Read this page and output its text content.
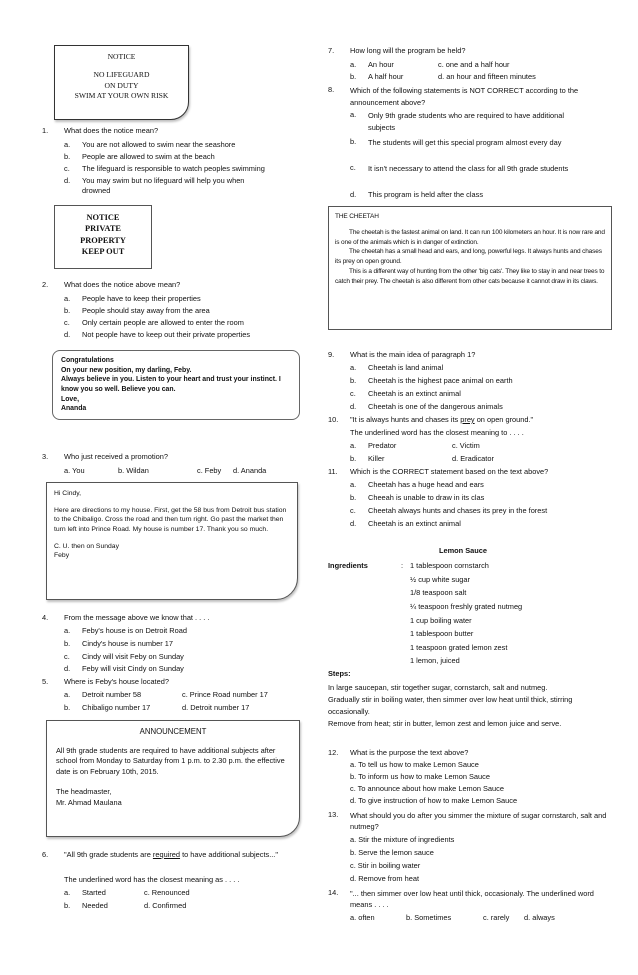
NOTICE
NO LIFEGUARD
ON DUTY
SWIM AT YOUR OWN RISK
1.	What does the notice mean?
a.	You are not allowed to swim near the seashore
b.	People are allowed to swim at the beach
c.	The lifeguard is responsible to watch peoples swimming
d.	You may swim but no lifeguard will help you when drowned
NOTICE
PRIVATE
PROPERTY
KEEP OUT
2.	What does the notice above mean?
a.	People have to keep their properties
b.	People should stay away from the area
c.	Only certain people are allowed to enter the room
d.	Not people have to keep out their private properties
Congratulations
On your new position, my darling, Feby.
Always believe in you. Listen to your heart and trust your instinct. I know you so well. Believe you can.
Love,
Ananda
3.	Who just received a promotion?
a. You	b. Wildan	c. Feby d. Ananda
Hi Cindy,
Here are directions to my house. First, get the 58 bus from Detroit bus station to the Chibaligo. Cross the road and then turn right. Go past the market then turn left into Prince Road. My house is number 17. Thank you so much.
C. U. then on Sunday
Feby
4.	From the message above we know that . . . .
a.	Feby's house is on Detroit Road
b.	Cindy's house is number 17
c.	Cindy will visit Feby on Sunday
d.	Feby will visit Cindy on Sunday
5.	Where is Feby's house located?
a.	Detroit number 58	c. Prince Road number 17
b.	Chibaligo number 17	d. Detroit number 17
ANNOUNCEMENT
All 9th grade students are required to have additional subjects after school from Monday to Saturday from 1 p.m. to 2.30 p.m. the effective date is on February 10th, 2015.
The headmaster,
Mr. Ahmad Maulana
6.	"All 9th grade students are required to have additional subjects..."
The underlined word has the closest meaning as . . . .
a.	Started	c. Renounced
b.	Needed	d. Confirmed
7.	How long will the program be held?
a.	An hour	c. one and a half hour
b.	A half hour	d. an hour and fifteen minutes
8.	Which of the following statements is NOT CORRECT according to the announcement above?
a.	Only 9th grade students who are required to have additional subjects
b.	The students will get this special program almost every day
c.	It isn't necessary to attend the class for all 9th grade students
d.	This program is held after the class
THE CHEETAH
The cheetah is the fastest animal on land. It can run 100 kilometers an hour. It is now rare and is one of the animals which is in danger of extinction.
The cheetah has a small head and ears, and long, powerful legs. It always hunts and chases its prey on open ground.
This is a different way of hunting from the other 'big cats'. They like to stay in and near trees to catch their prey. The cheetah is also different from other cats because it cannot draw in its claws.
9.	What is the main idea of paragraph 1?
a.	Cheetah is land animal
b.	Cheetah is the highest pace animal on earth
c.	Cheetah is an extinct animal
d.	Cheetah is one of the dangerous animals
10.	"It is always hunts and chases its prey on open ground."
The underlined word has the closest meaning to . . . .
a.	Predator	c. Victim
b.	Killer	d. Eradicator
11.	Which is the CORRECT statement based on the text above?
a.	Cheetah has a huge head and ears
b.	Cheeah is unable to draw in its clas
c.	Cheetah always hunts and chases its prey in the forest
d.	Cheetah is an extinct animal
Lemon Sauce
Ingredients	: 1 tablespoon cornstarch
½ cup white sugar
1/8 teaspoon salt
¼ teaspoon freshly grated nutmeg
1 cup boiling water
1 tablespoon butter
1 teaspoon grated lemon zest
1 lemon, juiced
Steps:
In large saucepan, stir together sugar, cornstarch, salt and nutmeg.
Gradually stir in boiling water, then simmer over low heat until thick, stirring occasionally.
Remove from heat; stir in butter, lemon zest and lemon juice and serve.
12.	What is the purpose the text above?
a. To tell us how to make Lemon Sauce
b. To inform us how to make Lemon Sauce
c. To announce about how make Lemon Sauce
d. To give instruction of how to make Lemon Sauce
13.	What should you do after you simmer the mixture of sugar cornstarch, salt and nutmeg?
a. Stir the mixture of ingredients
b. Serve the lemon sauce
c. Stir in boiling water
d. Remove from heat
14.	"... then simmer over low heat until thick, occasionaly. The underlined word means . . . .
a. often	b. Sometimes	c. rarely d. always
